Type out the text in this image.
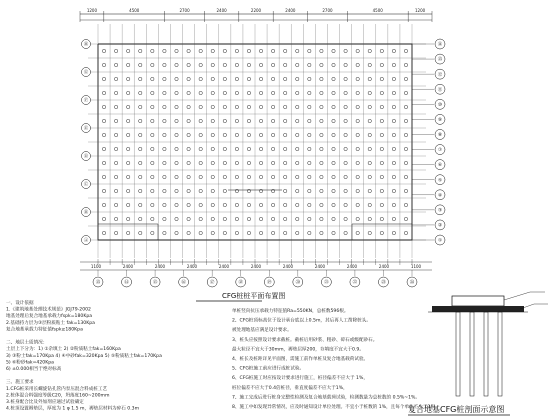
1200	4500	2700	2400	2200	2400	2700	4500	1200
⑭
⑬
⑫
⑪
⑩
⑨
⑧
⑦
⑥
⑤
④
③
②
①
Ⓗ
Ⓖ
Ⓕ
Ⓔ
Ⓓ
Ⓒ
Ⓑ
Ⓐ
1100	2400	2400	2400	2400	2400	2400	2400	2400	2400	1100
⑬	⑭	⑮	⑯	⑰	⑱	⑲	⑳	㉑	㉒	㉓	㉔
CFG桩桩平面布置图
一、设计依据
1.《建筑地基处理技术规范》JGJ79-2002
地基处理后复合地基承载力fspk=180Kpa
2.基础持力层为③层粉质粘土 fak=130Kpa
复合地基承载力特征值fspk≥180Kpa
二、地层土质情况：
土层上下分为：1) ①杂填土 2) ②粉质粘土fak=160Kpa
3) ③粉土fak=170Kpa 4) ④中砂fak=320Kpa 5) ⑤粉质粘土fak=170Kpa
5) ⑥粉砂fak=420Kpa
6) ±0.000相当于绝对标高
三、施工要求
1.CFG桩采用长螺旋钻孔管内泵压混合料成桩工艺
2.桩体混合料强度等级C20，坍落度160~200mm
3.桩身配合比及外加剂应通过试验确定
4.桩顶设置褥垫层，厚度为 1 φ 1.5 m，褥垫层材料为碎石 0.3m
单桩竖向抗压承载力特征值Ra=550KN，总桩数596根。
2、CFG桩顶标高位于设计承台底以上0.5m，其后再人工凿除桩头。
被处理地基应满足设计要求。
3、桩头应按照设计要求截桩。截桩后用砂浆、粗砂、碎石或级配砂石。
最大粒径不宜大于30mm，褥垫层厚200，夯填度不宜大于0.9。
4、桩长及桩距详见平面图，需施工前作单桩及复合地基载荷试验。
5、CFG桩施工前应进行成桩试验。
6、CFG桩施工时应按设计要求进行施工，桩径偏差不应大于 1%，
桩位偏差不应大于0.4倍桩径，垂直度偏差不应大于1%，
7、施工完成后进行桩身完整性检测及复合地基载荷试验，检测数量为总桩数的 0.5%~1%。
8、施工中如发现异常情况，应及时通知设计单位处理。不宜小于桩数的 1%，且每个单体不少于3根。
复合地基CFG桩剖面示意图
